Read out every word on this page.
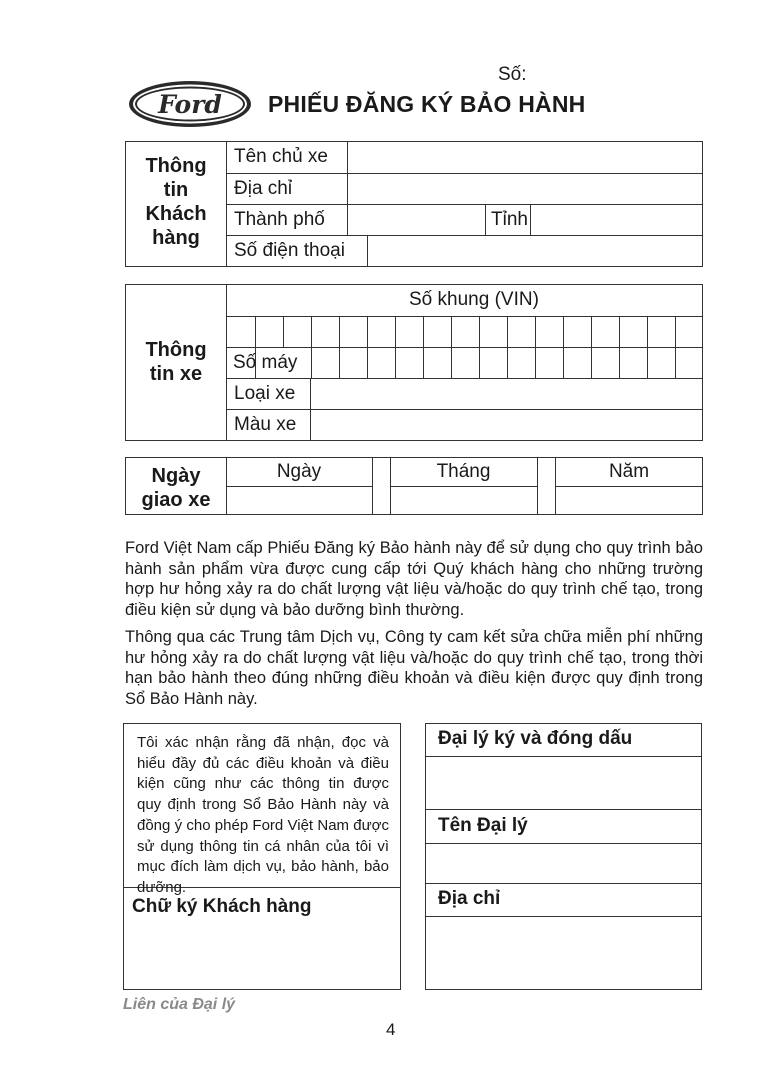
Ford
Số:
PHIẾU ĐĂNG KÝ BẢO HÀNH
Thông
tin
Khách
hàng
Tên chủ xe
Địa chỉ
Thành phố	Tỉnh
Số điện thoại
Thông
tin xe
Số khung (VIN)
Số máy
Loại xe
Màu xe
Ngày
giao xe
Ngày	Tháng	Năm
Ford Việt Nam cấp Phiếu Đăng ký Bảo hành này để sử dụng cho quy trình bảo hành sản phẩm vừa được cung cấp tới Quý khách hàng cho những trường hợp hư hỏng xảy ra do chất lượng vật liệu và/hoặc do quy trình chế tạo, trong điều kiện sử dụng và bảo dưỡng bình thường.
Thông qua các Trung tâm Dịch vụ, Công ty cam kết sửa chữa miễn phí những hư hỏng xảy ra do chất lượng vật liệu và/hoặc do quy trình chế tạo, trong thời hạn bảo hành theo đúng những điều khoản và điều kiện được quy định trong Sổ Bảo Hành này.
Tôi xác nhận rằng đã nhận, đọc và hiểu đầy đủ các điều khoản và điều kiện cũng như các thông tin được quy định trong Sổ Bảo Hành này và đồng ý cho phép Ford Việt Nam được sử dụng thông tin cá nhân của tôi vì mục đích làm dịch vụ, bảo hành, bảo dưỡng.
Chữ ký Khách hàng
Đại lý ký và đóng dấu
Tên Đại lý
Địa chỉ
Liên của Đại lý
4
